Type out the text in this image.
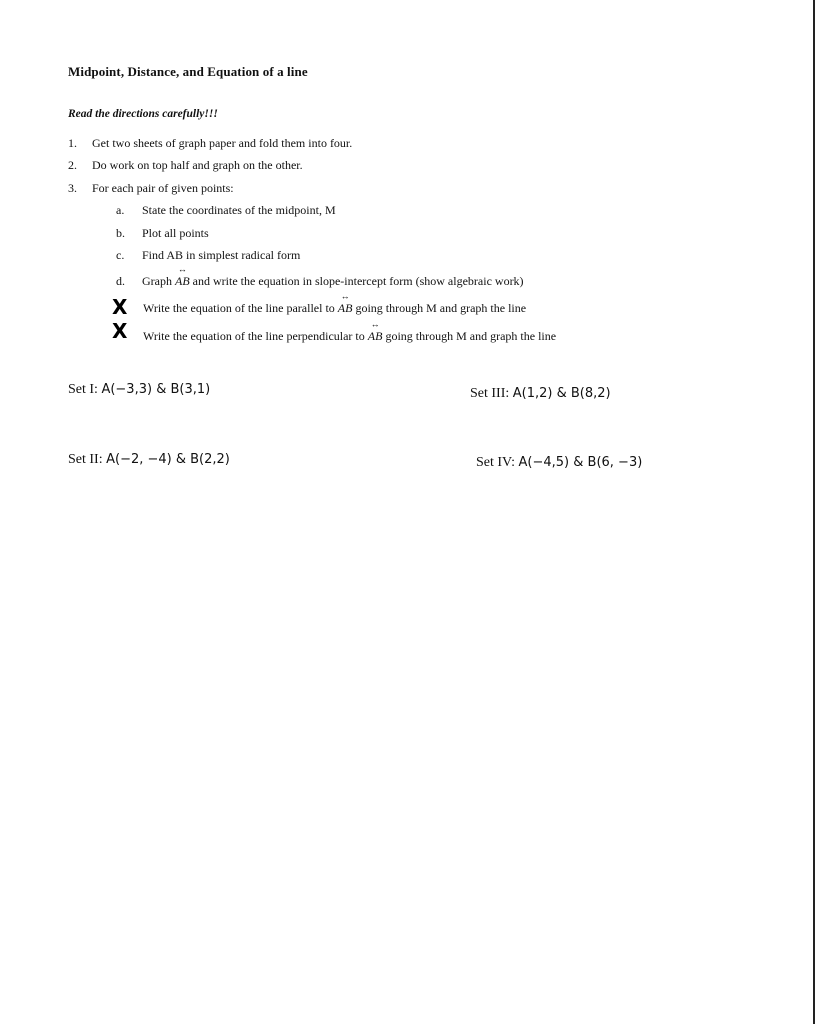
Midpoint, Distance, and Equation of a line
Read the directions carefully!!!
1. Get two sheets of graph paper and fold them into four.
2. Do work on top half and graph on the other.
3. For each pair of given points:
a. State the coordinates of the midpoint, M
b. Plot all points
c. Find AB in simplest radical form
d. Graph ↔ AB and write the equation in slope-intercept form (show algebraic work)
X Write the equation of the line parallel to ↔ AB going through M and graph the line
X Write the equation of the line perpendicular to ↔ AB going through M and graph the line
Set I: A(−3,3) & B(3,1)	Set III: A(1,2) & B(8,2)
Set II: A(−2, −4) & B(2,2)	Set IV: A(−4,5) & B(6, −3)
